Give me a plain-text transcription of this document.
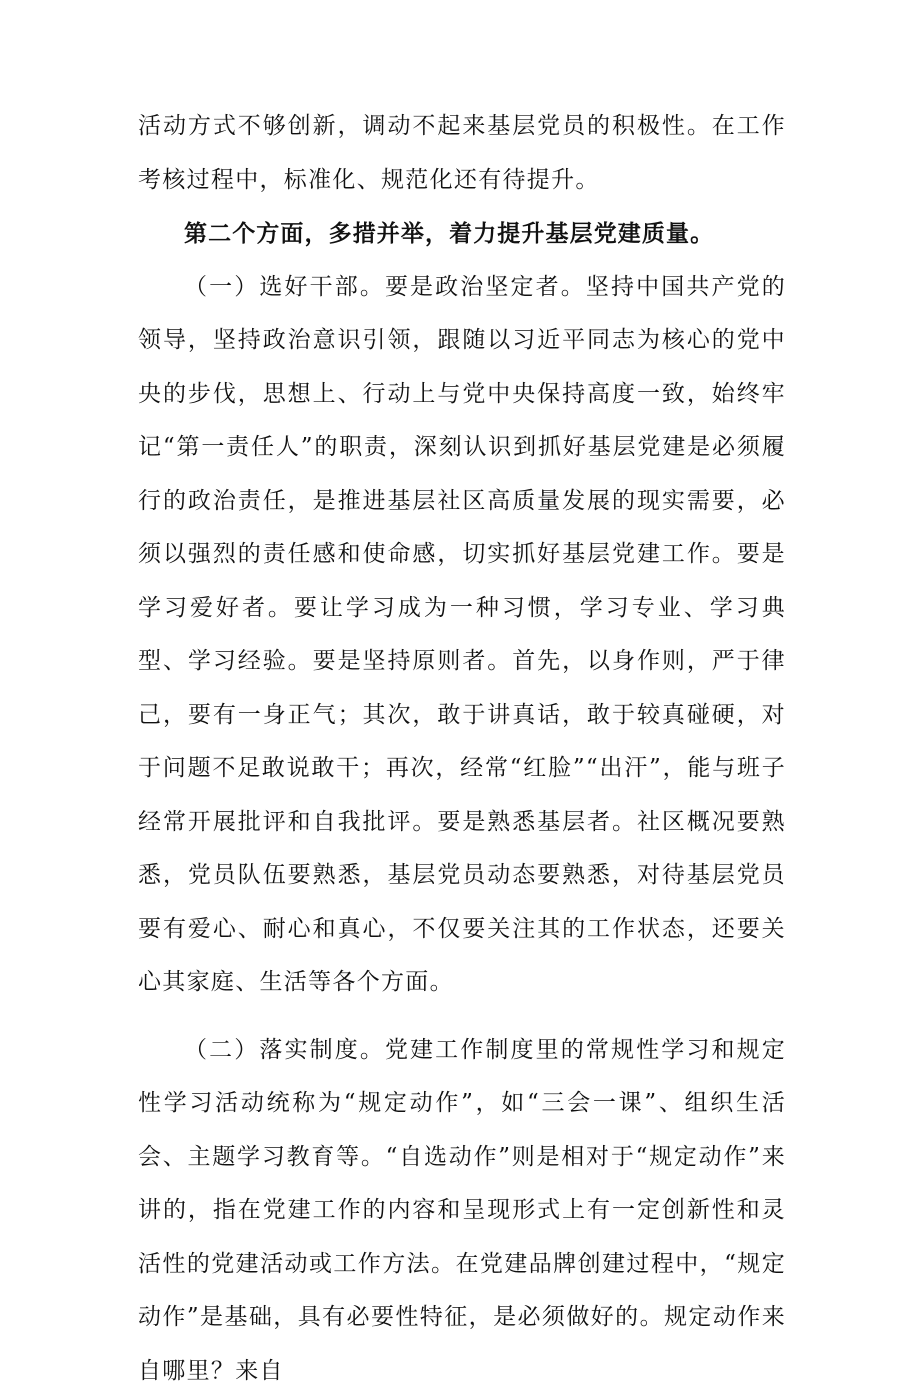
活动方式不够创新，调动不起来基层党员的积极性。在工作考核过程中，标准化、规范化还有待提升。

第二个方面，多措并举，着力提升基层党建质量。

（一）选好干部。要是政治坚定者。坚持中国共产党的领导，坚持政治意识引领，跟随以习近平同志为核心的党中央的步伐，思想上、行动上与党中央保持高度一致，始终牢记“第一责任人”的职责，深刻认识到抓好基层党建是必须履行的政治责任，是推进基层社区高质量发展的现实需要，必须以强烈的责任感和使命感，切实抓好基层党建工作。要是学习爱好者。要让学习成为一种习惯，学习专业、学习典型、学习经验。要是坚持原则者。首先，以身作则，严于律己，要有一身正气；其次，敢于讲真话，敢于较真碰硬，对于问题不足敢说敢干；再次，经常“红脸”“出汗”，能与班子经常开展批评和自我批评。要是熟悉基层者。社区概况要熟悉，党员队伍要熟悉，基层党员动态要熟悉，对待基层党员要有爱心、耐心和真心，不仅要关注其的工作状态，还要关心其家庭、生活等各个方面。

（二）落实制度。党建工作制度里的常规性学习和规定性学习活动统称为“规定动作”，如“三会一课”、组织生活会、主题学习教育等。“自选动作”则是相对于“规定动作”来讲的，指在党建工作的内容和呈现形式上有一定创新性和灵活性的党建活动或工作方法。在党建品牌创建过程中，“规定动作”是基础，具有必要性特征，是必须做好的。规定动作来自哪里？来自
